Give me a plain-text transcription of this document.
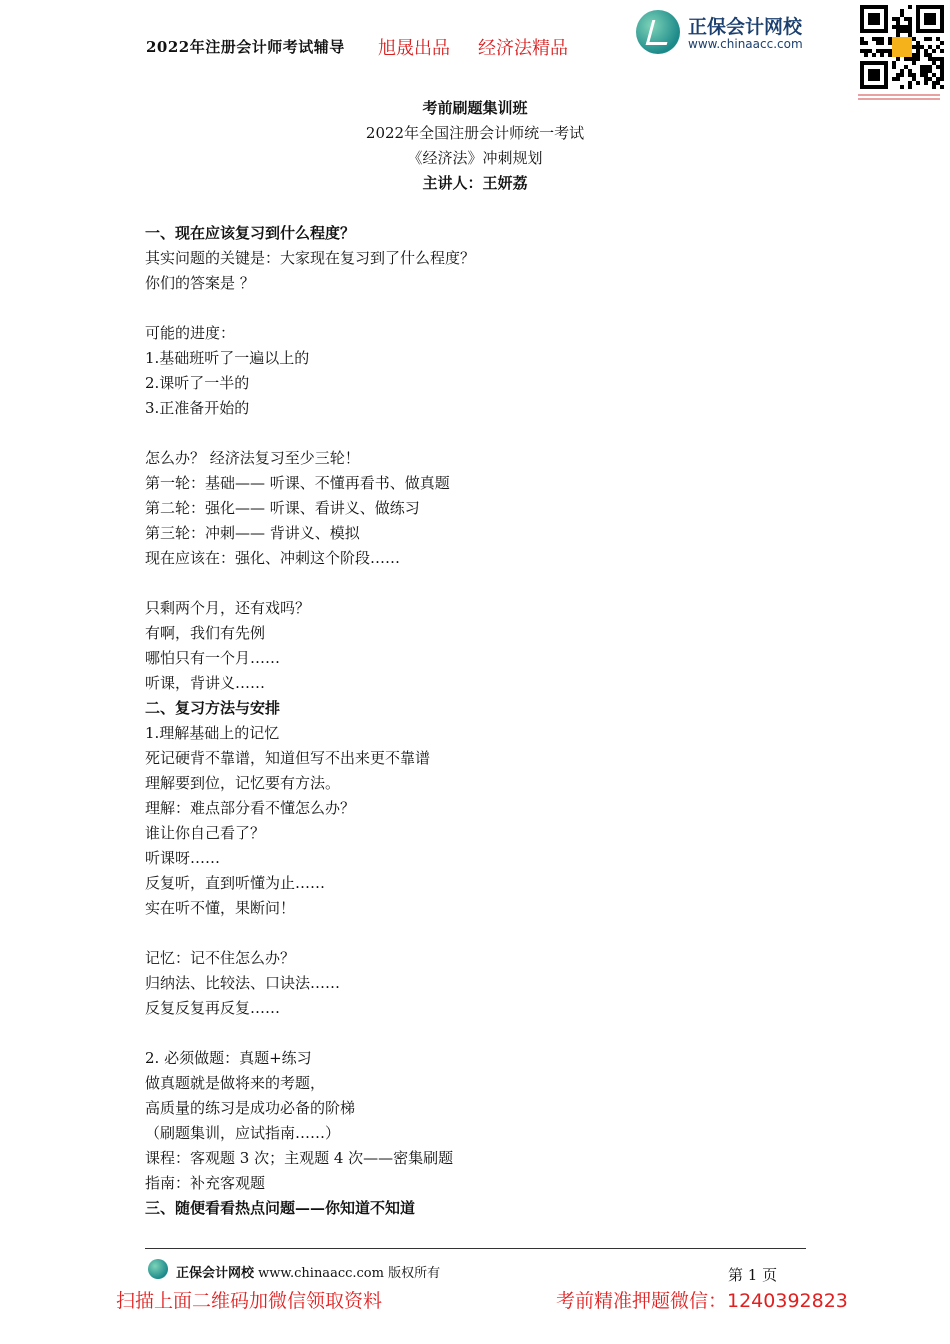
2022年注册会计师考试辅导 旭晟出品 经济法精品
正保会计网校
www.chinaacc.com
考前刷题集训班
2022年全国注册会计师统一考试
《经济法》冲刺规划
主讲人：王妍荔
一、现在应该复习到什么程度？
其实问题的关键是：大家现在复习到了什么程度？
你们的答案是 ？
可能的进度：
1.基础班听了一遍以上的
2.课听了一半的
3.正准备开始的
怎么办？ 经济法复习至少三轮！
第一轮：基础—— 听课、不懂再看书、做真题
第二轮：强化—— 听课、看讲义、做练习
第三轮：冲刺—— 背讲义、模拟
现在应该在：强化、冲刺这个阶段……
只剩两个月，还有戏吗？
有啊，我们有先例
哪怕只有一个月……
听课，背讲义……
二、复习方法与安排
1.理解基础上的记忆
死记硬背不靠谱，知道但写不出来更不靠谱
理解要到位，记忆要有方法。
理解：难点部分看不懂怎么办？
谁让你自己看了？
听课呀……
反复听，直到听懂为止……
实在听不懂，果断问！
记忆：记不住怎么办？
归纳法、比较法、口诀法……
反复反复再反复……
2. 必须做题：真题+练习
做真题就是做将来的考题，
高质量的练习是成功必备的阶梯
（刷题集训，应试指南……）
课程：客观题 3 次；主观题 4 次——密集刷题
指南：补充客观题
三、随便看看热点问题——你知道不知道
正保会计网校 www.chinaacc.com 版权所有	第 1 页
扫描上面二维码加微信领取资料	考前精准押题微信：1240392823
